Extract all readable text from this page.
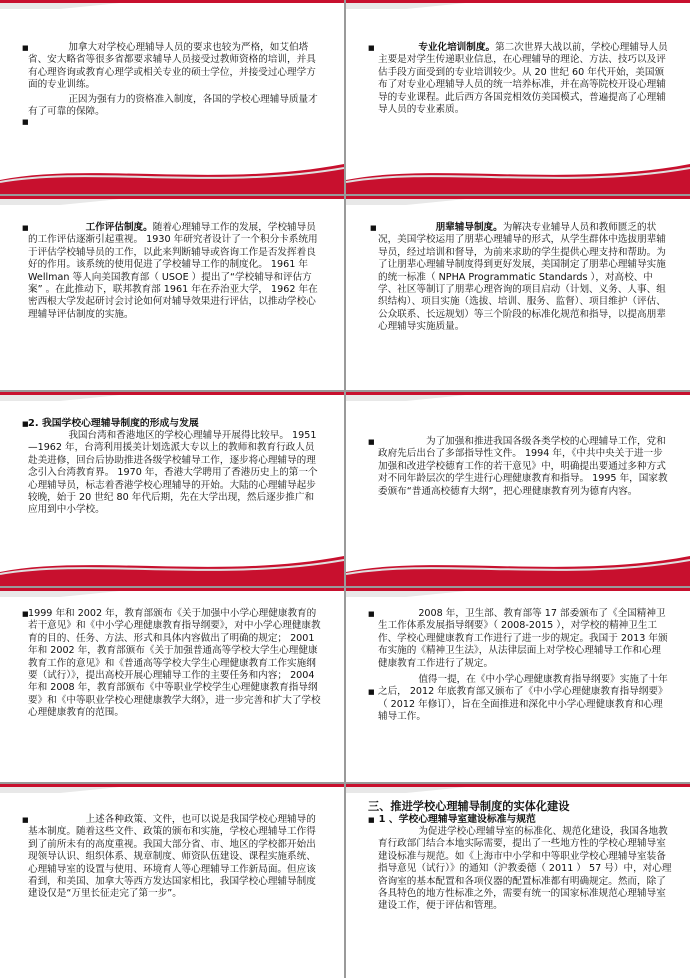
■
■

加拿大对学校心理辅导人员的要求也较为严格，如艾伯塔省、安大略省等很多省都要求辅导人员接受过教师资格的培训，并具有心理咨询或教育心理学或相关专业的硕士学位，并接受过心理学方面的专业训练。

正因为强有力的资格准入制度，各国的学校心理辅导质量才有了可靠的保障。

■	专业化培训制度。第二次世界大战以前，学校心理辅导人员主要是对学生传递职业信息，在心理辅导的理论、方法、技巧以及评估手段方面受到的专业培训较少。从 20 世纪 60 年代开始，美国颁布了对专业心理辅导人员的统一培养标准，并在高等院校开设心理辅导的专业课程。此后西方各国竞相效仿美国模式，普遍提高了心理辅导人员的专业素质。

■	工作评估制度。随着心理辅导工作的发展，学校辅导员的工作评估逐渐引起重视。 1930 年研究者设计了一个积分卡系统用于评估学校辅导员的工作，以此来判断辅导或咨询工作是否发挥着良好的作用。该系统的使用促进了学校辅导工作的制度化。 1961 年 Wellman 等人向美国教育部（ USOE ）提出了“学校辅导和评估方案” 。在此推动下，联邦教育部 1961 年在乔治亚大学， 1962 年在密西根大学发起研讨会讨论如何对辅导效果进行评估，以推动学校心理辅导评估制度的实施。

■	朋辈辅导制度。为解决专业辅导人员和教师匮乏的状况，美国学校运用了朋辈心理辅导的形式，从学生群体中选拔朋辈辅导员，经过培训和督导，为前来求助的学生提供心理支持和帮助。为了让朋辈心理辅导制度得到更好发展，美国制定了朋辈心理辅导实施的统一标准（ NPHA Programmatic Standards ），对高校、中学、社区等制订了朋辈心理咨询的项目启动（计划、义务、人事、组织结构）、项目实施（选拔、培训、服务、监督）、项目维护（评估、公众联系、长远规划）等三个阶段的标准化规范和指导，以提高朋辈心理辅导实施质量。

■ 2. 我国学校心理辅导制度的形成与发展

我国台湾和香港地区的学校心理辅导开展得比较早。 1951—1962 年，台湾利用援美计划选派大专以上的教师和教育行政人员赴美进修，回台后协助推进各级学校辅导工作，逐步将心理辅导的理念引入台湾教育界。 1970 年，香港大学聘用了香港历史上的第一个心理辅导员，标志着香港学校心理辅导的开始。大陆的心理辅导起步较晚，始于 20 世纪 80 年代后期，先在大学出现，然后逐步推广和应用到中小学校。

■	为了加强和推进我国各级各类学校的心理辅导工作，党和政府先后出台了多部指导性文件。 1994 年，《中共中央关于进一步加强和改进学校德育工作的若干意见》中，明确提出要通过多种方式对不同年龄层次的学生进行心理健康教育和指导。 1995 年，国家教委颁布“普通高校德育大纲”，把心理健康教育列为德育内容。

■ 1999 年和 2002 年，教育部颁布《关于加强中小学心理健康教育的若干意见》和《中小学心理健康教育指导纲要》，对中小学心理健康教育的目的、任务、方法、形式和具体内容做出了明确的规定； 2001 年和 2002 年，教育部颁布《关于加强普通高等学校大学生心理健康教育工作的意见》和《普通高等学校大学生心理健康教育工作实施纲要（试行）》，提出高校开展心理辅导工作的主要任务和内容； 2004 年和 2008 年，教育部颁布《中等职业学校学生心理健康教育指导纲要》和《中等职业学校心理健康教学大纲》，进一步完善和扩大了学校心理健康教育的范围。

■
■

2008 年，卫生部、教育部等 17 部委颁布了《全国精神卫生工作体系发展指导纲要》（ 2008-2015 ），对学校的精神卫生工作、学校心理健康教育工作进行了进一步的规定。我国于 2013 年颁布实施的《精神卫生法》，从法律层面上对学校心理辅导工作和心理健康教育工作进行了规定。

值得一提，在《中小学心理健康教育指导纲要》实施了十年之后， 2012 年底教育部又颁布了《中小学心理健康教育指导纲要》（ 2012 年修订），旨在全面推进和深化中小学心理健康教育和心理辅导工作。

■	上述各种政策、文件，也可以说是我国学校心理辅导的基本制度。随着这些文件、政策的颁布和实施，学校心理辅导工作得到了前所未有的高度重视。我国大部分省、市、地区的学校都开始出现领导认识、组织体系、规章制度、师资队伍建设、课程实施系统、心理辅导室的设置与使用、环境育人等心理辅导工作新局面。但应该看到，和美国、加拿大等西方发达国家相比，我国学校心理辅导制度建设仅是“万里长征走完了第一步”。

三、推进学校心理辅导制度的实体化建设

■ 1 、学校心理辅导室建设标准与规范

为促进学校心理辅导室的标准化、规范化建设，我国各地教育行政部门结合本地实际需要，提出了一些地方性的学校心理辅导室建设标准与规范。如《上海市中小学和中等职业学校心理辅导室装备指导意见（试行）》的通知（沪教委德（ 2011 ） 57 号）中，对心理咨询室的基本配置和各项仪器的配置标准都有明确规定。然而，除了各具特色的地方性标准之外，需要有统一的国家标准规范心理辅导室建设工作，便于评估和管理。
